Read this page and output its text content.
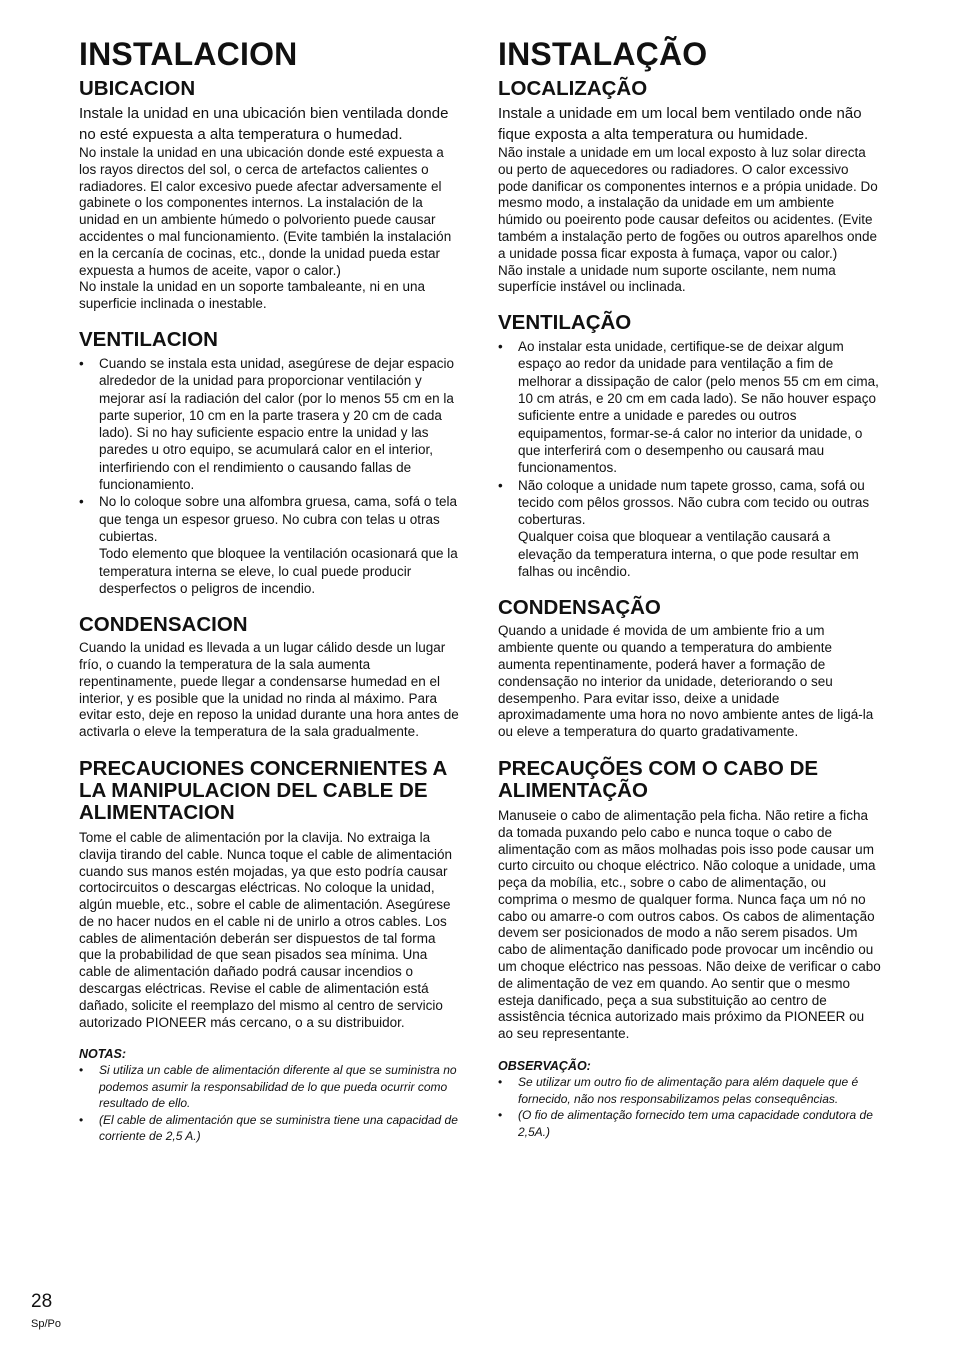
INSTALACION
UBICACION

Instale la unidad en una ubicación bien ventilada donde no esté expuesta a alta temperatura o humedad.

No instale la unidad en una ubicación donde esté expuesta a los rayos directos del sol, o cerca de artefactos calientes o radiadores. El calor excesivo puede afectar adversamente el gabinete o los componentes internos. La instalación de la unidad en un ambiente húmedo o polvoriento puede causar accidentes o mal funcionamiento. (Evite también la instalación en la cercanía de cocinas, etc., donde la unidad pueda estar expuesta a humos de aceite, vapor o calor.)

No instale la unidad en un soporte tambaleante, ni en una superficie inclinada o inestable.

VENTILACION
• Cuando se instala esta unidad, asegúrese de dejar espacio alrededor de la unidad para proporcionar ventilación y mejorar así la radiación del calor (por lo menos 55 cm en la parte superior, 10 cm en la parte trasera y 20 cm de cada lado). Si no hay suficiente espacio entre la unidad y las paredes u otro equipo, se acumulará calor en el interior, interfiriendo con el rendimiento o causando fallas de funcionamiento.
• No lo coloque sobre una alfombra gruesa, cama, sofá o tela que tenga un espesor grueso. No cubra con telas u otras cubiertas.
Todo elemento que bloquee la ventilación ocasionará que la temperatura interna se eleve, lo cual puede producir desperfectos o peligros de incendio.
CONDENSACION

Cuando la unidad es llevada a un lugar cálido desde un lugar frío, o cuando la temperatura de la sala aumenta repentinamente, puede llegar a condensarse humedad en el interior, y es posible que la unidad no rinda al máximo. Para evitar esto, deje en reposo la unidad durante una hora antes de activarla o eleve la temperatura de la sala gradualmente.

PRECAUCIONES CONCERNIENTES A LA MANIPULACION DEL CABLE DE ALIMENTACION

Tome el cable de alimentación por la clavija. No extraiga la clavija tirando del cable. Nunca toque el cable de alimentación cuando sus manos estén mojadas, ya que esto podría causar cortocircuitos o descargas eléctricas. No coloque la unidad, algún mueble, etc., sobre el cable de alimentación. Asegúrese de no hacer nudos en el cable ni de unirlo a otros cables. Los cables de alimentación deberán ser dispuestos de tal forma que la probabilidad de que sean pisados sea mínima. Una cable de alimentación dañado podrá causar incendios o descargas eléctricas. Revise el cable de alimentación está dañado, solicite el reemplazo del mismo al centro de servicio autorizado PIONEER más cercano, o a su distribuidor.

NOTAS:

• Si utiliza un cable de alimentación diferente al que se suministra no podemos asumir la responsabilidad de lo que pueda ocurrir como resultado de ello.
• (El cable de alimentación que se suministra tiene una capacidad de corriente de 2,5 A.)
INSTALAÇÃO
LOCALIZAÇÃO

Instale a unidade em um local bem ventilado onde não fique exposta a alta temperatura ou humidade.

Não instale a unidade em um local exposto à luz solar directa ou perto de aquecedores ou radiadores. O calor excessivo pode danificar os componentes internos e a própia unidade. Do mesmo modo, a instalação da unidade em um ambiente húmido ou poeirento pode causar defeitos ou acidentes. (Evite também a instalação perto de fogões ou outros aparelhos onde a unidade possa ficar exposta à fumaça, vapor ou calor.)

Não instale a unidade num suporte oscilante, nem numa superfície instável ou inclinada.

VENTILAÇÃO
• Ao instalar esta unidade, certifique-se de deixar algum espaço ao redor da unidade para ventilação a fim de melhorar a dissipação de calor (pelo menos 55 cm em cima, 10 cm atrás, e 20 cm em cada lado). Se não houver espaço suficiente entre a unidade e paredes ou outros equipamentos, formar-se-á calor no interior da unidade, o que interferirá com o desempenho ou causará mau funcionamentos.
• Não coloque a unidade num tapete grosso, cama, sofá ou tecido com pêlos grossos. Não cubra com tecido ou outras coberturas.
Qualquer coisa que bloquear a ventilação causará a elevação da temperatura interna, o que pode resultar em falhas ou incêndio.
CONDENSAÇÃO

Quando a unidade é movida de um ambiente frio a um ambiente quente ou quando a temperatura do ambiente aumenta repentinamente, poderá haver a formação de condensação no interior da unidade, deteriorando o seu desempenho. Para evitar isso, deixe a unidade aproximadamente uma hora no novo ambiente antes de ligá-la ou eleve a temperatura do quarto gradativamente.

PRECAUÇÕES COM O CABO DE ALIMENTAÇÃO

Manuseie o cabo de alimentação pela ficha. Não retire a ficha da tomada puxando pelo cabo e nunca toque o cabo de alimentação com as mãos molhadas pois isso pode causar um curto circuito ou choque eléctrico. Não coloque a unidade, uma peça da mobília, etc., sobre o cabo de alimentação, ou comprima o mesmo de qualquer forma. Nunca faça um nó no cabo ou amarre-o com outros cabos. Os cabos de alimentação devem ser posicionados de modo a não serem pisados. Um cabo de alimentação danificado pode provocar um incêndio ou um choque eléctrico nas pessoas. Não deixe de verificar o cabo de alimentação de vez em quando. Ao sentir que o mesmo esteja danificado, peça a sua substituição ao centro de assistência técnica autorizado mais próximo da PIONEER ou ao seu representante.

OBSERVAÇÃO:

• Se utilizar um outro fio de alimentação para além daquele que é fornecido, não nos responsabilizamos pelas consequências.
• (O fio de alimentação fornecido tem uma capacidade condutora de 2,5A.)
28
Sp/Po
